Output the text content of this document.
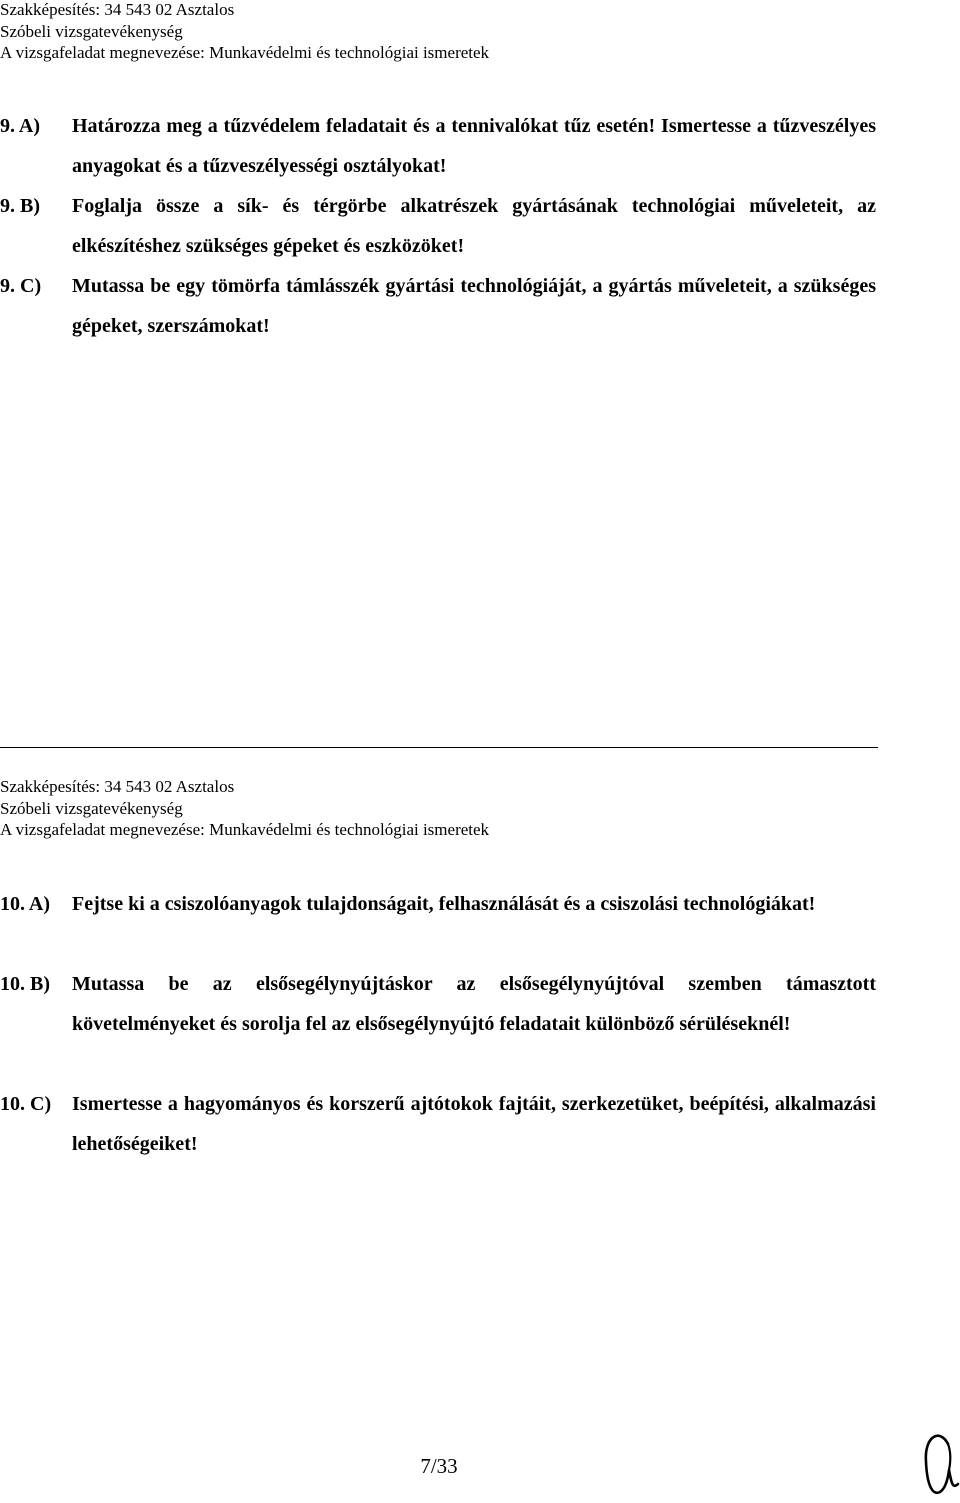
Szakképesítés: 34 543 02 Asztalos
Szóbeli vizsgatevékenység
A vizsgafeladat megnevezése: Munkavédelmi és technológiai ismeretek
9. A) Határozza meg a tűzvédelem feladatait és a tennivalókat tűz esetén! Ismertesse a tűzveszélyes anyagokat és a tűzveszélyességi osztályokat!
9. B) Foglalja össze a sík- és térgörbe alkatrészek gyártásának technológiai műveleteit, az elkészítéshez szükséges gépeket és eszközöket!
9. C) Mutassa be egy tömörfa támlásszék gyártási technológiáját, a gyártás műveleteit, a szükséges gépeket, szerszámokat!
Szakképesítés: 34 543 02 Asztalos
Szóbeli vizsgatevékenység
A vizsgafeladat megnevezése: Munkavédelmi és technológiai ismeretek
10. A) Fejtse ki a csiszolóanyagok tulajdonságait, felhasználását és a csiszolási technológiákat!
10. B) Mutassa be az elsősegélynyújtáskor az elsősegélynyújtóval szemben támasztott követelményeket és sorolja fel az elsősegélynyújtó feladatait különböző sérüléseknél!
10. C) Ismertesse a hagyományos és korszerű ajtótokok fajtáit, szerkezetüket, beépítési, alkalmazási lehetőségeiket!
7/33
